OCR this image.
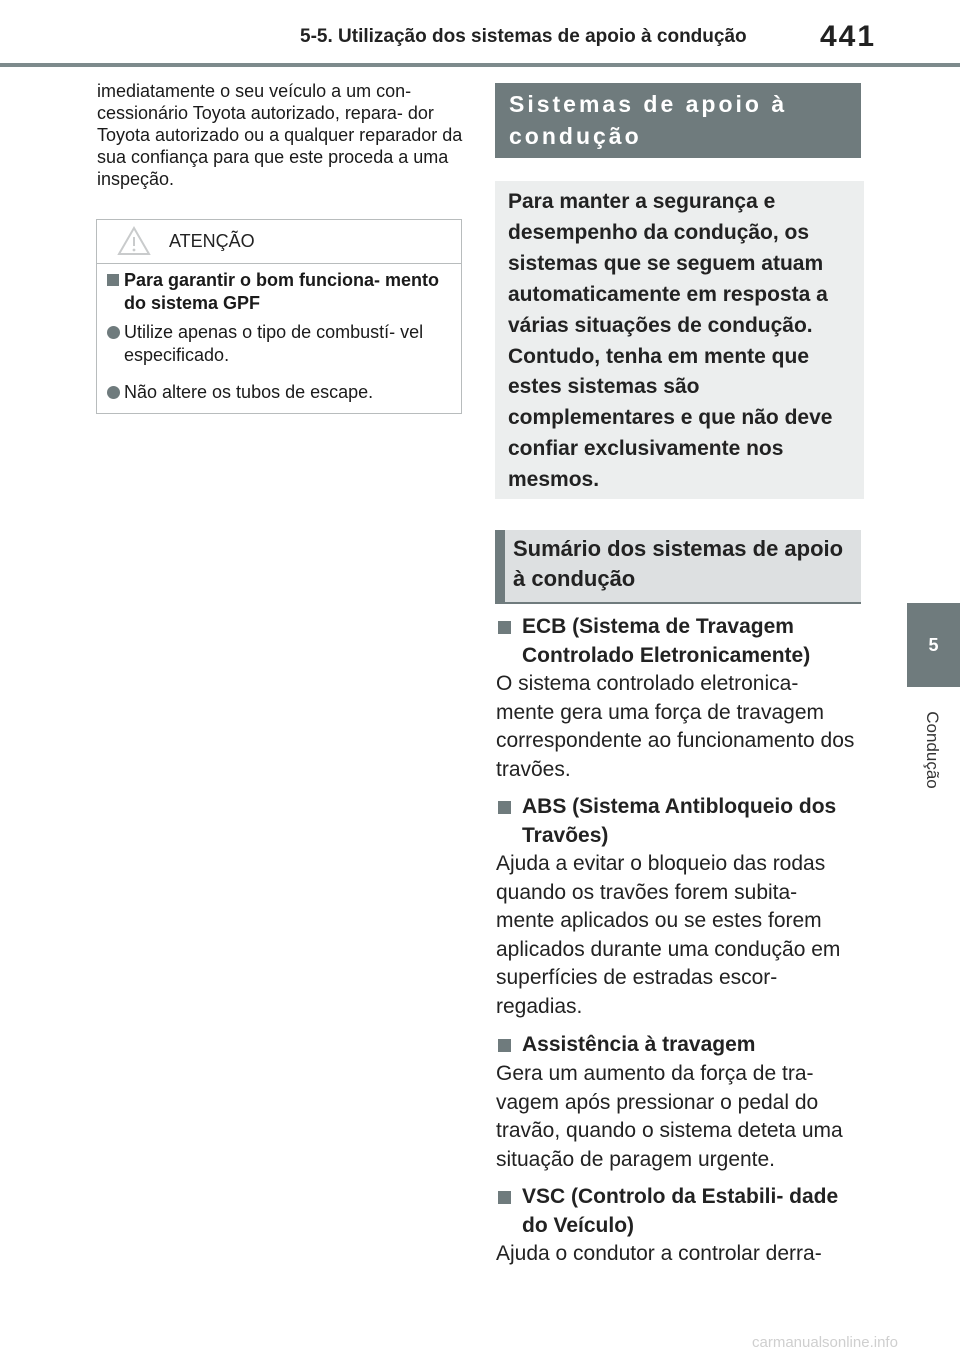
5-5. Utilização dos sistemas de apoio à condução	441
5
Condução

imediatamente o seu veículo a um con- cessionário Toyota autorizado, repara- dor Toyota autorizado ou a qualquer reparador da sua confiança para que este proceda a uma inspeção.

ATENÇÃO
Para garantir o bom funciona- mento do sistema GPF
Utilize apenas o tipo de combustí- vel especificado.
Não altere os tubos de escape.
Sistemas de apoio à condução
Para manter a segurança e desempenho da condução, os sistemas que se seguem atuam automaticamente em resposta a várias situações de condução. Contudo, tenha em mente que estes sistemas são complementares e que não deve confiar exclusivamente nos mesmos.
Sumário dos sistemas de apoio à condução
ECB (Sistema de Travagem Controlado Eletronicamente)

O sistema controlado eletronica- mente gera uma força de travagem correspondente ao funcionamento dos travões.

ABS (Sistema Antibloqueio dos Travões)

Ajuda a evitar o bloqueio das rodas quando os travões forem subita- mente aplicados ou se estes forem aplicados durante uma condução em superfícies de estradas escor- regadias.

Assistência à travagem

Gera um aumento da força de tra- vagem após pressionar o pedal do travão, quando o sistema deteta uma situação de paragem urgente.

VSC (Controlo da Estabili- dade do Veículo)

Ajuda o condutor a controlar derra-

carmanualsonline.info
